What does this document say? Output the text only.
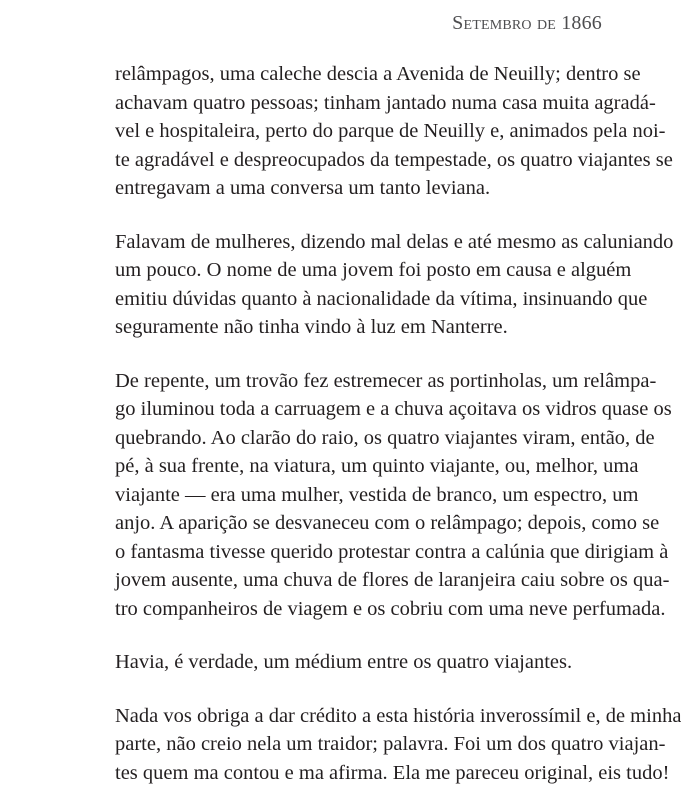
Setembro de 1866

relâmpagos, uma caleche descia a Avenida de Neuilly; dentro se
achavam quatro pessoas; tinham jantado numa casa muita agradá-
vel e hospitaleira, perto do parque de Neuilly e, animados pela noi-
te agradável e despreocupados da tempestade, os quatro viajantes se
entregavam a uma conversa um tanto leviana.

Falavam de mulheres, dizendo mal delas e até mesmo as caluniando
um pouco. O nome de uma jovem foi posto em causa e alguém
emitiu dúvidas quanto à nacionalidade da vítima, insinuando que
seguramente não tinha vindo à luz em Nanterre.

De repente, um trovão fez estremecer as portinholas, um relâmpa-
go iluminou toda a carruagem e a chuva açoitava os vidros quase os
quebrando. Ao clarão do raio, os quatro viajantes viram, então, de
pé, à sua frente, na viatura, um quinto viajante, ou, melhor, uma
viajante — era uma mulher, vestida de branco, um espectro, um
anjo. A aparição se desvaneceu com o relâmpago; depois, como se
o fantasma tivesse querido protestar contra a calúnia que dirigiam à
jovem ausente, uma chuva de flores de laranjeira caiu sobre os qua-
tro companheiros de viagem e os cobriu com uma neve perfumada.

Havia, é verdade, um médium entre os quatro viajantes.

Nada vos obriga a dar crédito a esta história inverossímil e, de minha
parte, não creio nela um traidor; palavra. Foi um dos quatro viajan-
tes quem ma contou e ma afirma. Ela me pareceu original, eis tudo!
